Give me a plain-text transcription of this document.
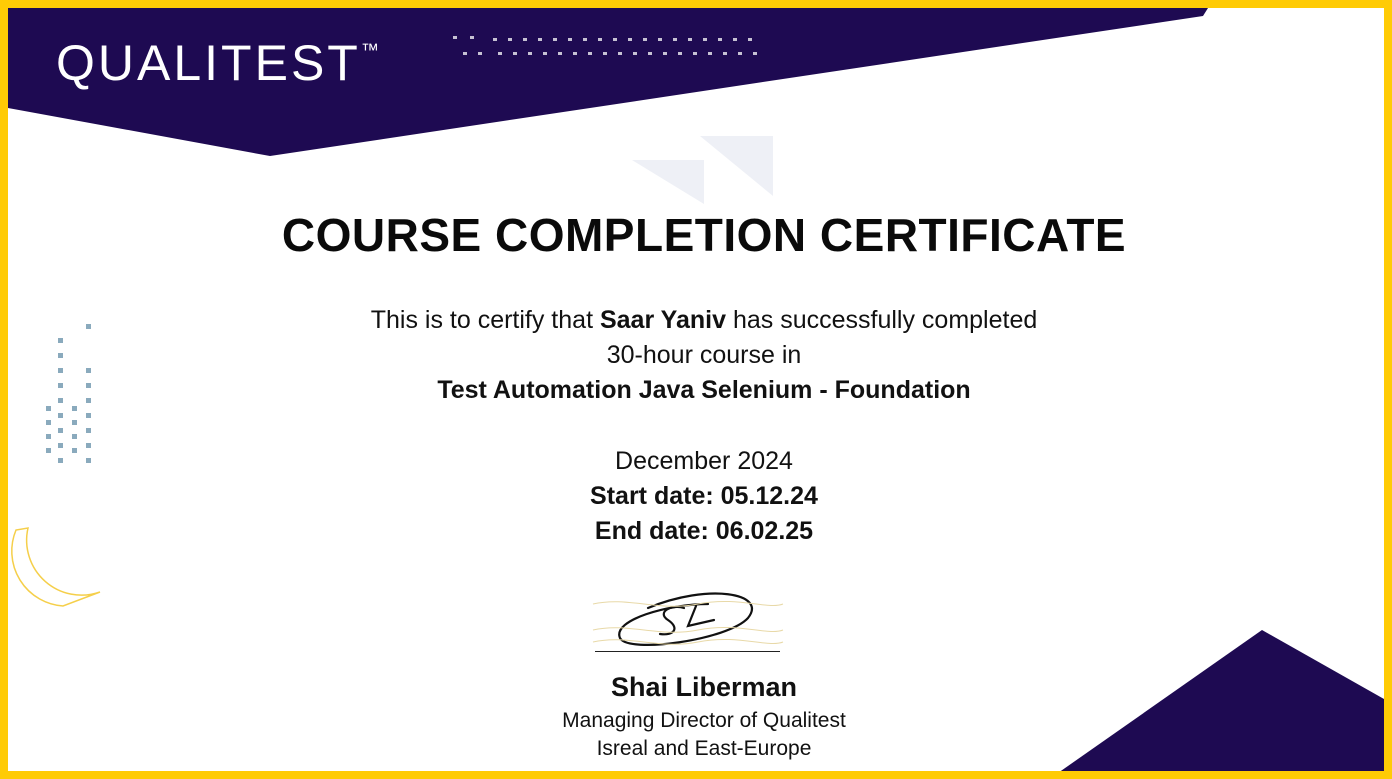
QUALITEST™
COURSE COMPLETION CERTIFICATE
This is to certify that Saar Yaniv has successfully completed
30-hour course in
Test Automation Java Selenium - Foundation
December 2024
Start date: 05.12.24
End date: 06.02.25
Shai Liberman
Managing Director of Qualitest
Isreal and East-Europe
